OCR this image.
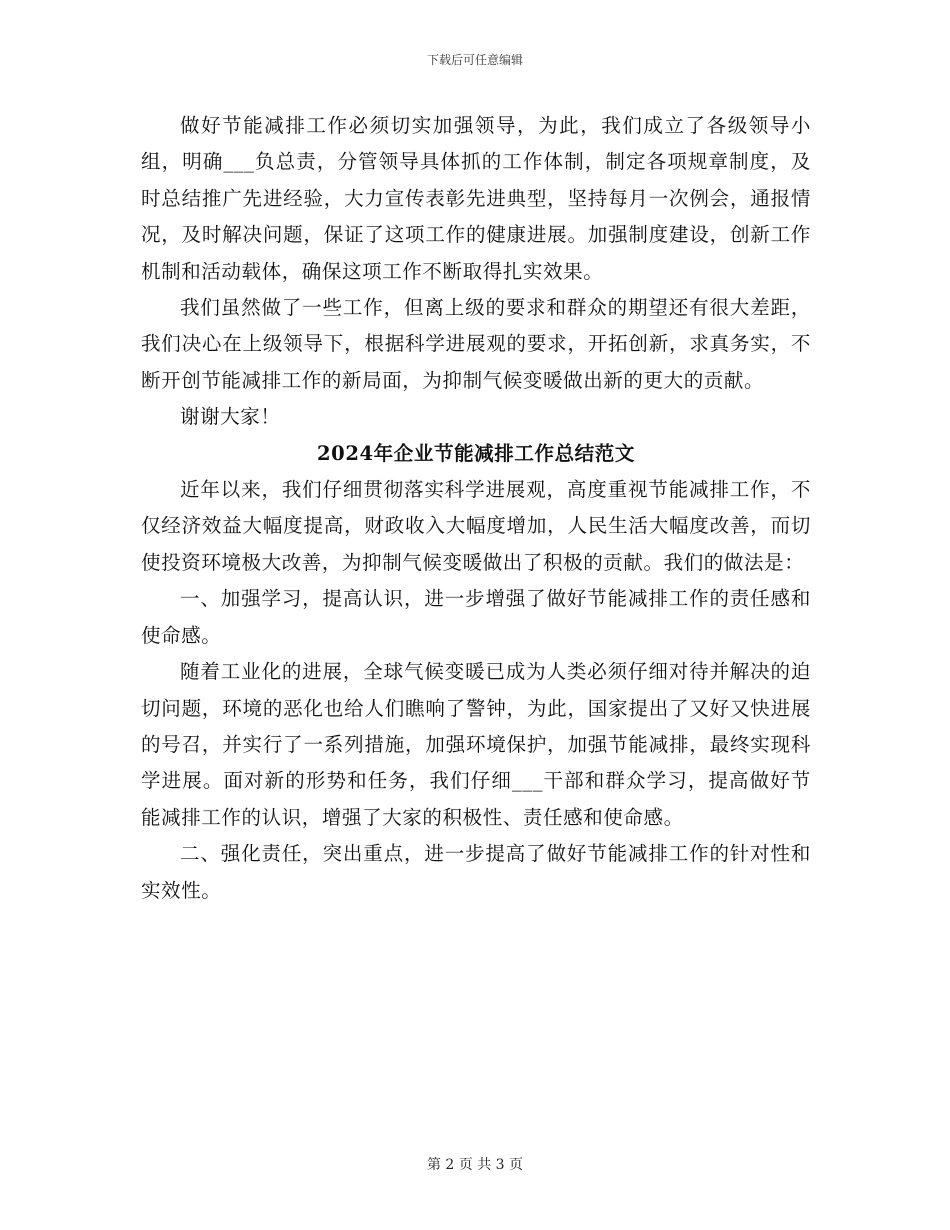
下载后可任意编辑

做好节能减排工作必须切实加强领导，为此，我们成立了各级领导小组，明确___负总责，分管领导具体抓的工作体制，制定各项规章制度，及时总结推广先进经验，大力宣传表彰先进典型，坚持每月一次例会，通报情况，及时解决问题，保证了这项工作的健康进展。加强制度建设，创新工作机制和活动载体，确保这项工作不断取得扎实效果。

我们虽然做了一些工作，但离上级的要求和群众的期望还有很大差距，我们决心在上级领导下，根据科学进展观的要求，开拓创新，求真务实，不断开创节能减排工作的新局面，为抑制气候变暖做出新的更大的贡献。

谢谢大家！

2024年企业节能减排工作总结范文

近年以来，我们仔细贯彻落实科学进展观，高度重视节能减排工作，不仅经济效益大幅度提高，财政收入大幅度增加，人民生活大幅度改善，而切使投资环境极大改善，为抑制气候变暖做出了积极的贡献。我们的做法是：

一、加强学习，提高认识，进一步增强了做好节能减排工作的责任感和使命感。

随着工业化的进展，全球气候变暖已成为人类必须仔细对待并解决的迫切问题，环境的恶化也给人们瞧响了警钟，为此，国家提出了又好又快进展的号召，并实行了一系列措施，加强环境保护，加强节能减排，最终实现科学进展。面对新的形势和任务，我们仔细___干部和群众学习，提高做好节能减排工作的认识，增强了大家的积极性、责任感和使命感。

二、强化责任，突出重点，进一步提高了做好节能减排工作的针对性和实效性。

第 2 页 共 3 页
